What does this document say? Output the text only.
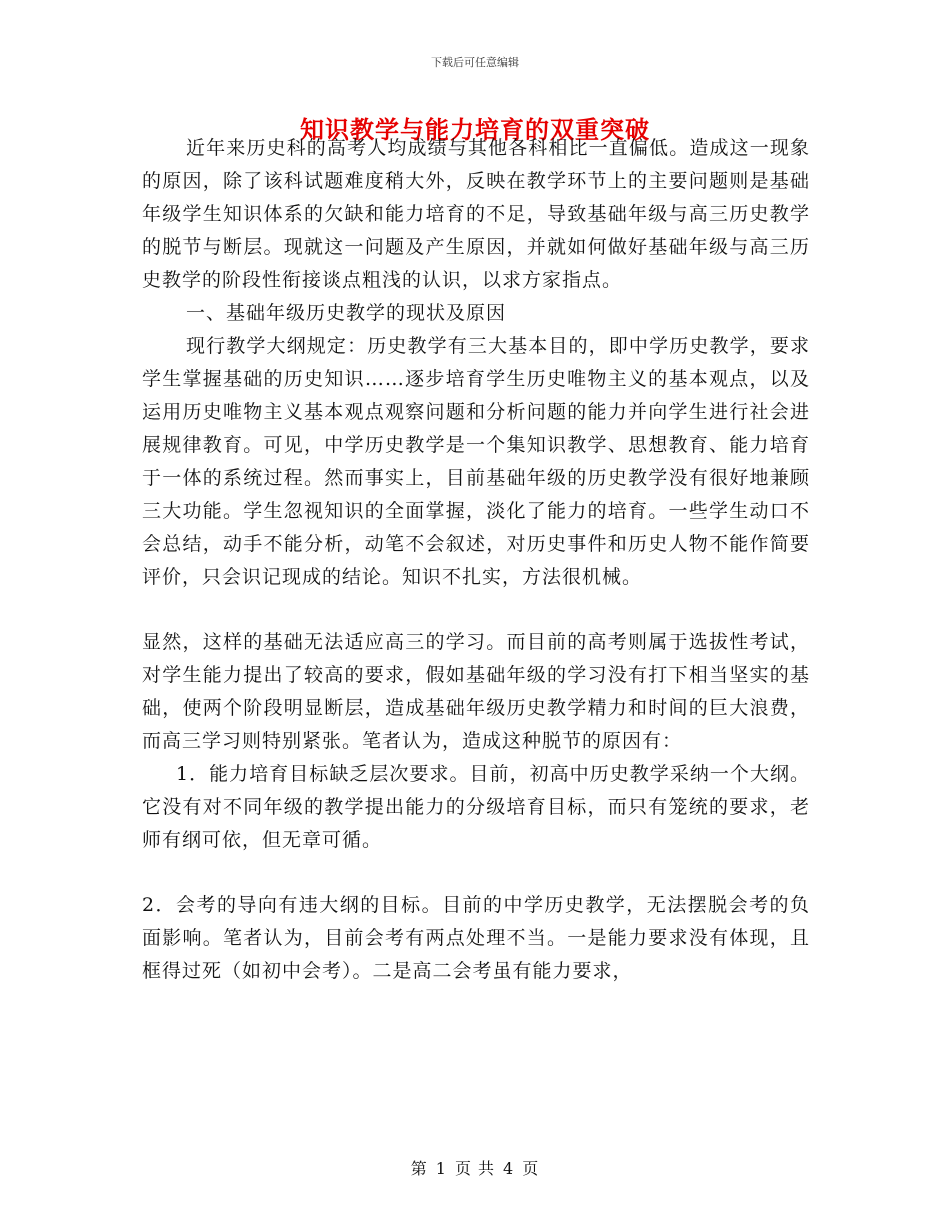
下载后可任意编辑
知识教学与能力培育的双重突破

近年来历史科的高考人均成绩与其他各科相比一直偏低。造成这一现象的原因，除了该科试题难度稍大外，反映在教学环节上的主要问题则是基础年级学生知识体系的欠缺和能力培育的不足，导致基础年级与高三历史教学的脱节与断层。现就这一问题及产生原因，并就如何做好基础年级与高三历史教学的阶段性衔接谈点粗浅的认识，以求方家指点。

一、基础年级历史教学的现状及原因

现行教学大纲规定：历史教学有三大基本目的，即中学历史教学，要求学生掌握基础的历史知识……逐步培育学生历史唯物主义的基本观点，以及运用历史唯物主义基本观点观察问题和分析问题的能力并向学生进行社会进展规律教育。可见，中学历史教学是一个集知识教学、思想教育、能力培育于一体的系统过程。然而事实上，目前基础年级的历史教学没有很好地兼顾三大功能。学生忽视知识的全面掌握，淡化了能力的培育。一些学生动口不会总结，动手不能分析，动笔不会叙述，对历史事件和历史人物不能作简要评价，只会识记现成的结论。知识不扎实，方法很机械。

显然，这样的基础无法适应高三的学习。而目前的高考则属于选拔性考试，对学生能力提出了较高的要求，假如基础年级的学习没有打下相当坚实的基础，使两个阶段明显断层，造成基础年级历史教学精力和时间的巨大浪费，而高三学习则特别紧张。笔者认为，造成这种脱节的原因有：

1．能力培育目标缺乏层次要求。目前，初高中历史教学采纳一个大纲。它没有对不同年级的教学提出能力的分级培育目标，而只有笼统的要求，老师有纲可依，但无章可循。

2．会考的导向有违大纲的目标。目前的中学历史教学，无法摆脱会考的负面影响。笔者认为，目前会考有两点处理不当。一是能力要求没有体现，且框得过死（如初中会考）。二是高二会考虽有能力要求，

第 1 页 共 4 页
